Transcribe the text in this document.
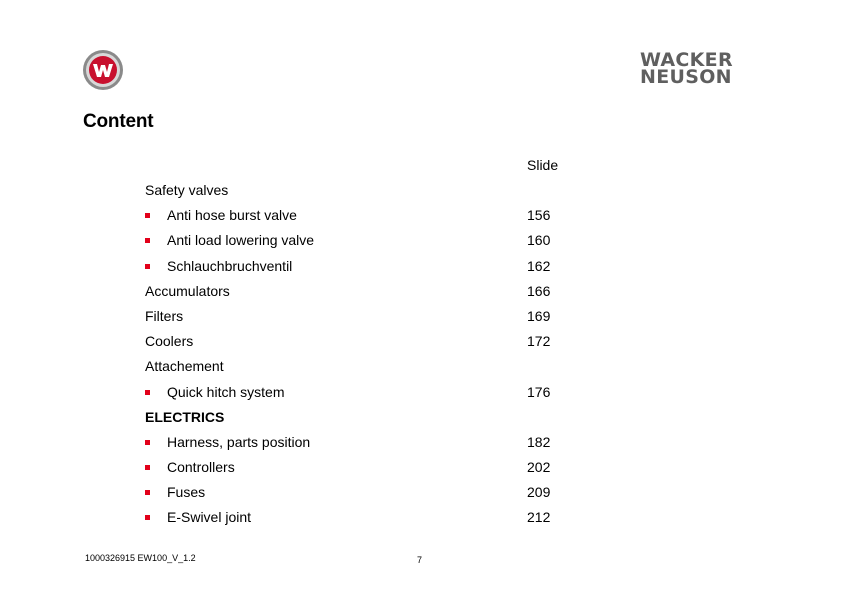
WACKER
NEUSON
Content
Slide
Safety valves
Anti hose burst valve	156
Anti load lowering valve	160
Schlauchbruchventil	162
Accumulators	166
Filters	169
Coolers	172
Attachement
Quick hitch system	176
ELECTRICS
Harness, parts position	182
Controllers	202
Fuses	209
E-Swivel joint	212
1000326915 EW100_V_1.2	7
